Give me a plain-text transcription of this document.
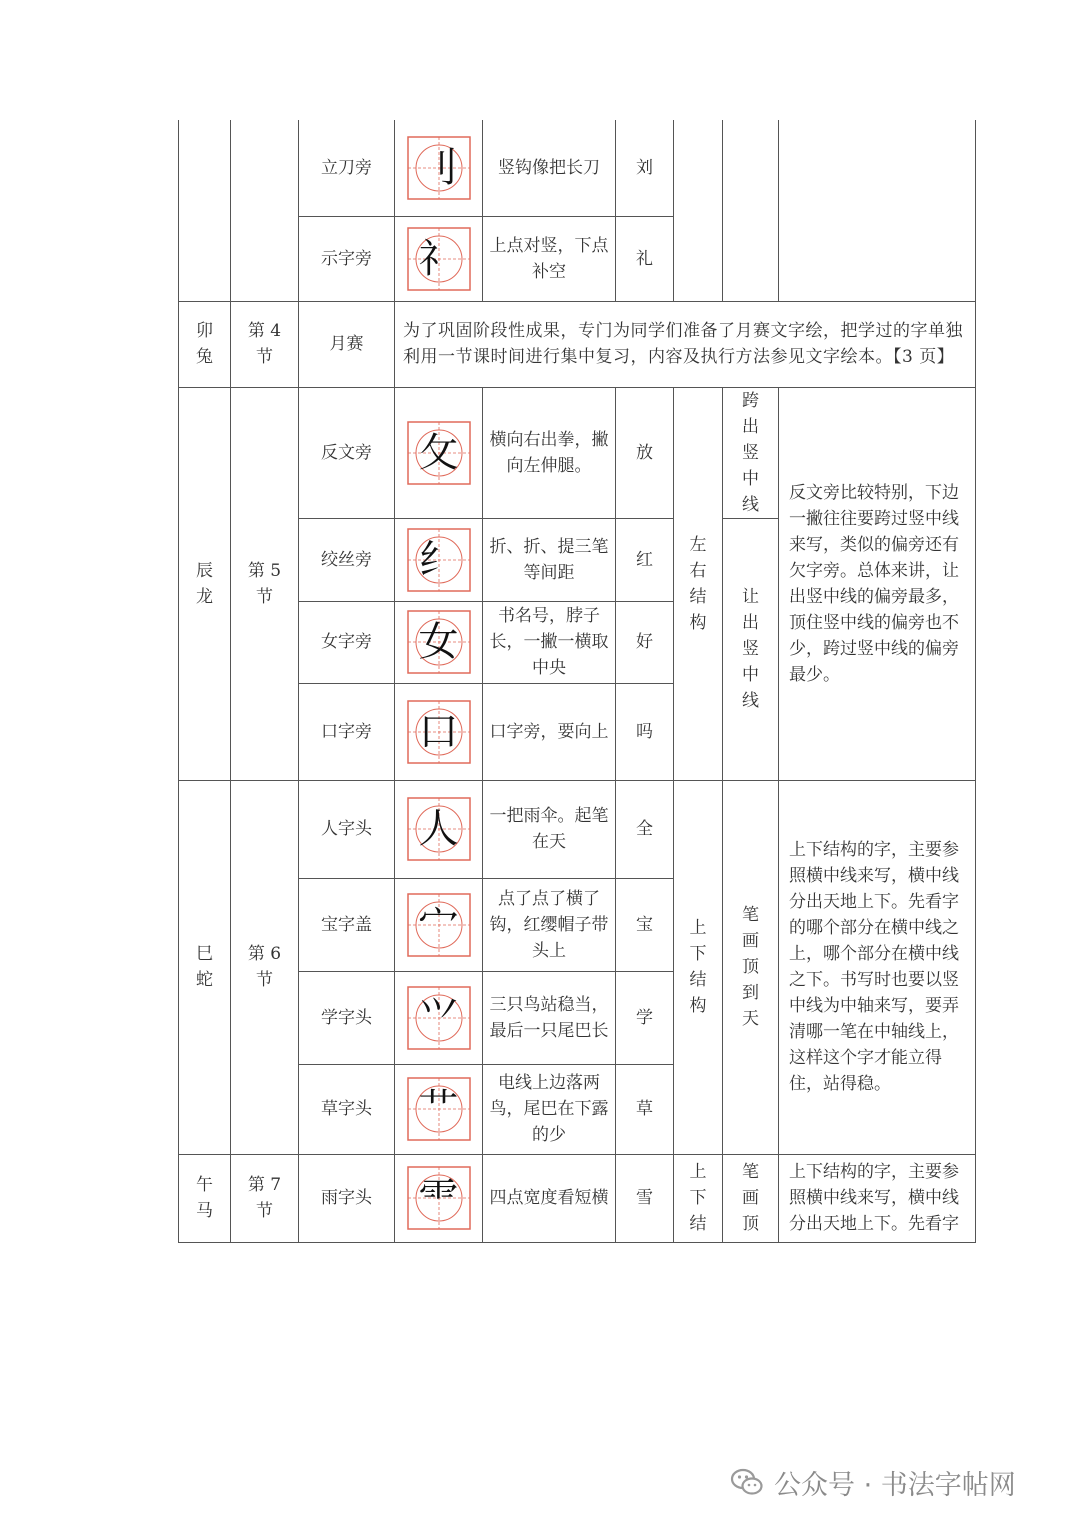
		立刀旁	刂	竖钩像把长刀	刘			
		示字旁	礻	上点对竖，下点补空	礼			
卯兔	第 4 节	月赛	为了巩固阶段性成果，专门为同学们准备了月赛文字绘，把学过的字单独利用一节课时间进行集中复习，内容及执行方法参见文字绘本。【3 页】					
辰龙	第 5 节	反文旁	攵	横向右出拳，撇向左伸腿。	放	左右结构	跨出竖中线	反文旁比较特别，下边一撇往往要跨过竖中线来写，类似的偏旁还有欠字旁。总体来讲，让出竖中线的偏旁最多，顶住竖中线的偏旁也不少，跨过竖中线的偏旁最少。
		绞丝旁	纟	折、折、提三笔等间距	红		让出竖中线	
		女字旁	女	书名号，脖子长，一撇一横取中央	好			
		口字旁	口	口字旁，要向上	吗			
巳蛇	第 6 节	人字头	人	一把雨伞。起笔在天	全	上下结构	笔画顶到天	上下结构的字，主要参照横中线来写，横中线分出天地上下。先看字的哪个部分在横中线之上，哪个部分在横中线之下。书写时也要以竖中线为中轴来写，要弄清哪一笔在中轴线上，这样这个字才能立得住，站得稳。
		宝字盖	宀	点了点了横了钩，红缨帽子带头上	宝			
		学字头	⺍	三只鸟站稳当，最后一只尾巴长	学			
		草字头	艹	电线上边落两鸟，尾巴在下露的少	草			
午马	第 7 节	雨字头	⻗	四点宽度看短横	雪	上下结	笔画顶	上下结构的字，主要参照横中线来写，横中线分出天地上下。先看字
公众号 · 书法字帖网
